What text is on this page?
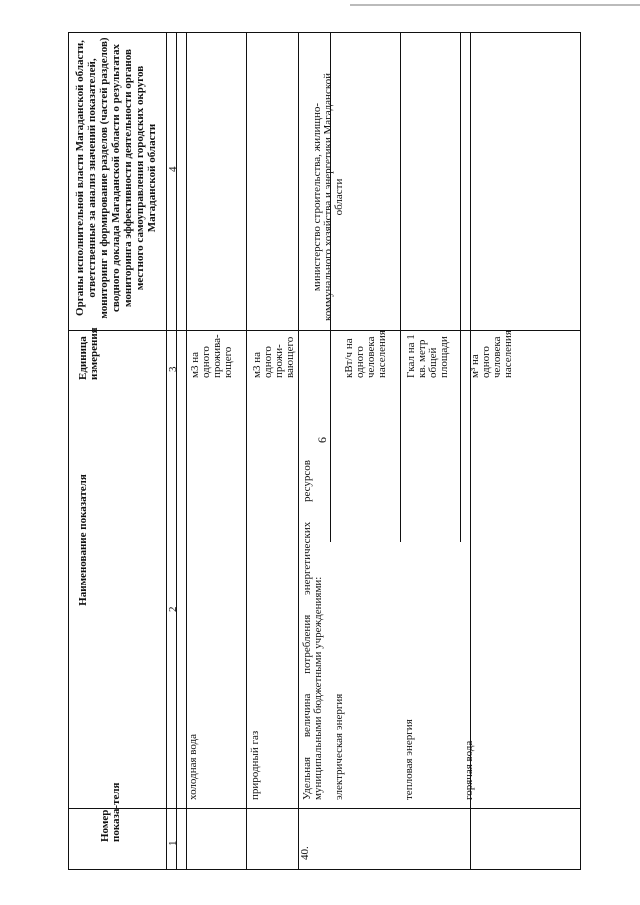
9
Номер показа-теля
Наименование показателя
Единица измерения
Органы исполнительной власти Магаданской области, ответственные за анализ значений показателей, мониторинг и формирование разделов (частей разделов) сводного доклада Магаданской области о результатах мониторинга эффективности деятельности органов местного самоуправления городских округов Магаданской области
1
2
3
4
холодная вода
м3 на одного прожива-ющего
природный газ
м3 на одного прожи-вающего
40.
Удельная величина потребления энергетических ресурсов муниципальными бюджетными учреждениями:
министерство строительства, жилищно-коммунального хозяйства и энергетики Магаданской области
электрическая энергия
кВт/ч на одного человека населения
тепловая энергия
Гкал на 1 кв. метр общей площади
горячая вода
м³ на одного человека населения
